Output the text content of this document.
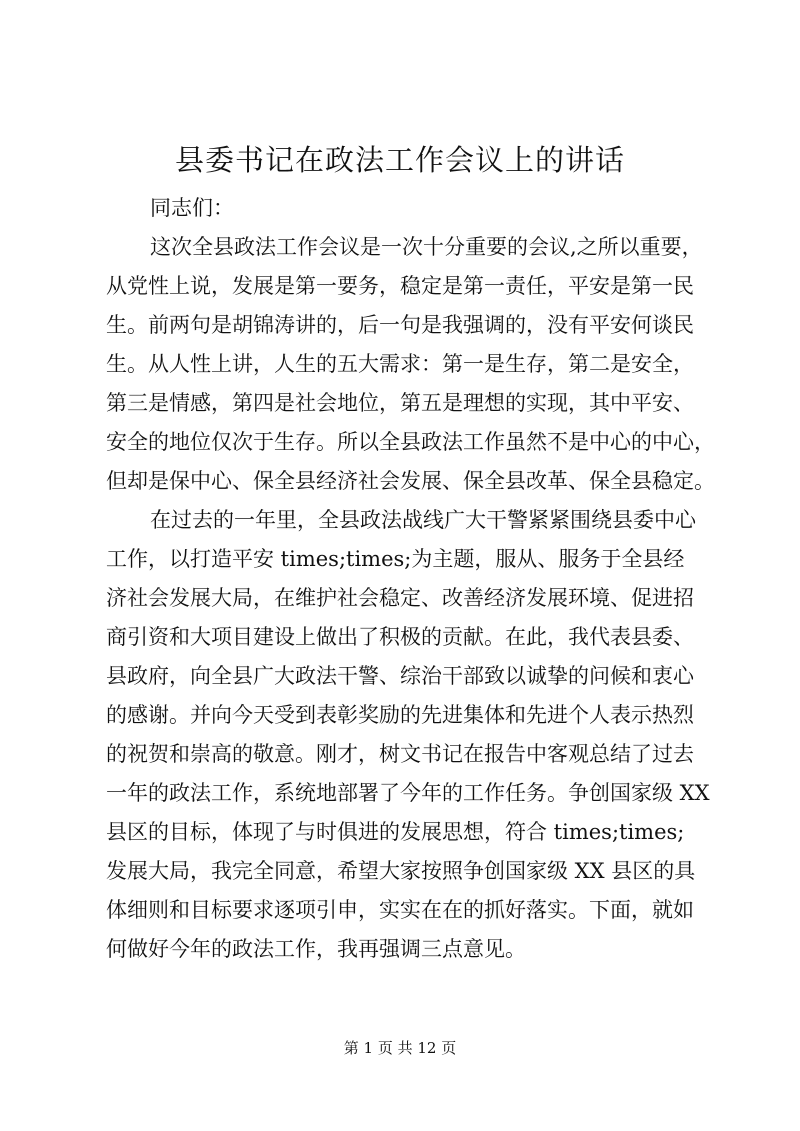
县委书记在政法工作会议上的讲话

同志们：

这次全县政法工作会议是一次十分重要的会议,之所以重要，

从党性上说，发展是第一要务，稳定是第一责任，平安是第一民

生。前两句是胡锦涛讲的，后一句是我强调的，没有平安何谈民

生。从人性上讲，人生的五大需求：第一是生存，第二是安全，

第三是情感，第四是社会地位，第五是理想的实现，其中平安、

安全的地位仅次于生存。所以全县政法工作虽然不是中心的中心，

但却是保中心、保全县经济社会发展、保全县改革、保全县稳定。

在过去的一年里，全县政法战线广大干警紧紧围绕县委中心

工作，以打造平安 times;times;为主题，服从、服务于全县经

济社会发展大局，在维护社会稳定、改善经济发展环境、促进招

商引资和大项目建设上做出了积极的贡献。在此，我代表县委、

县政府，向全县广大政法干警、综治干部致以诚挚的问候和衷心

的感谢。并向今天受到表彰奖励的先进集体和先进个人表示热烈

的祝贺和崇高的敬意。刚才，树文书记在报告中客观总结了过去

一年的政法工作，系统地部署了今年的工作任务。争创国家级 XX

县区的目标，体现了与时俱进的发展思想，符合 times;times;

发展大局，我完全同意，希望大家按照争创国家级 XX 县区的具

体细则和目标要求逐项引申，实实在在的抓好落实。下面，就如

何做好今年的政法工作，我再强调三点意见。

第 1 页 共 12 页
